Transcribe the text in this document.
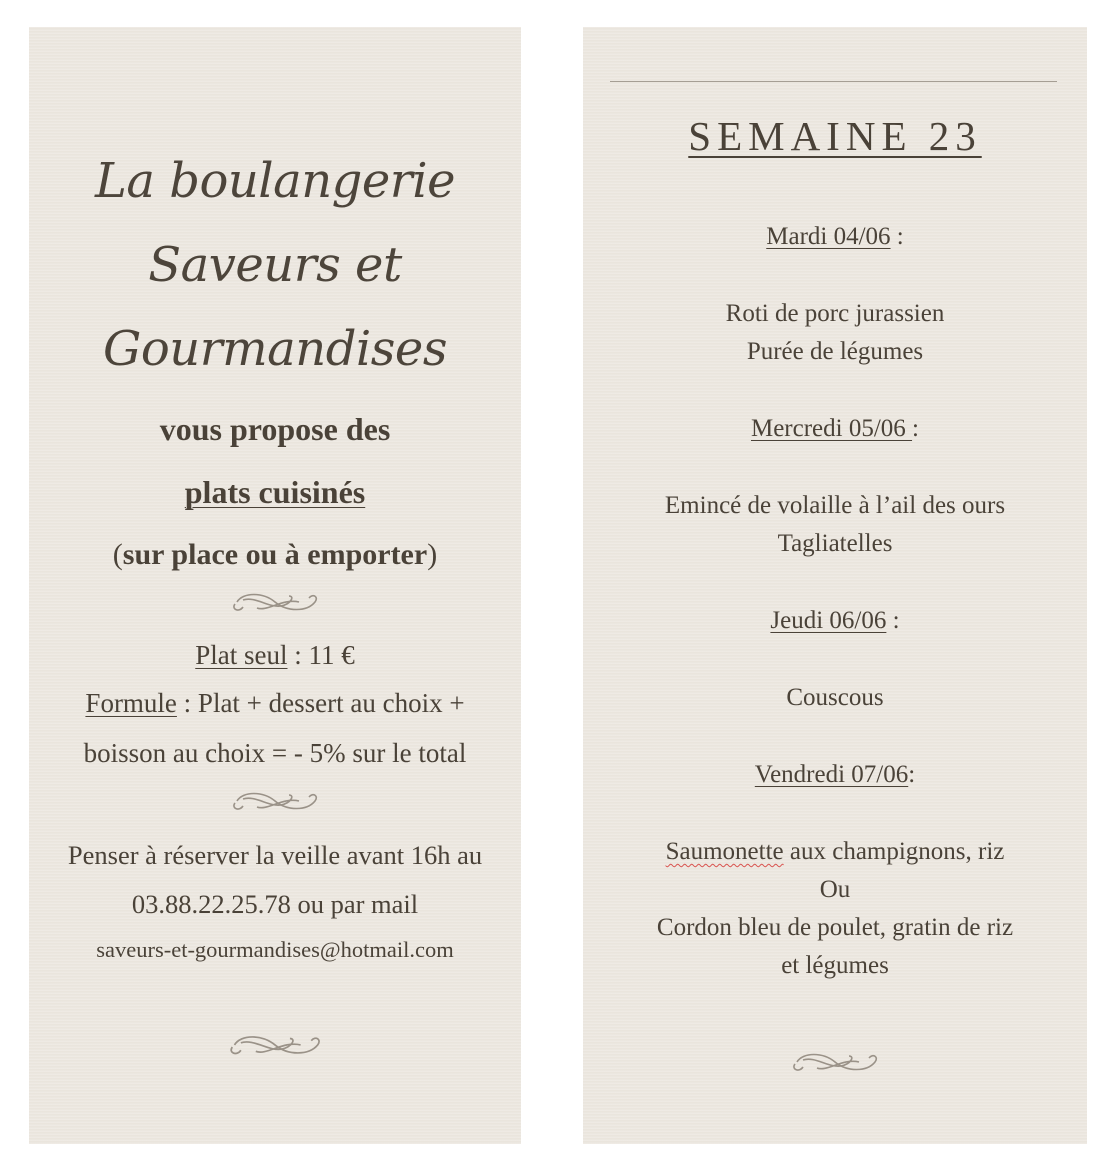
La boulangerie
Saveurs et
Gourmandises
vous propose des
plats cuisinés
(sur place ou à emporter)
Plat seul : 11 €
Formule : Plat + dessert au choix +
boisson au choix = - 5% sur le total
Penser à réserver la veille avant 16h au
03.88.22.25.78 ou par mail
saveurs-et-gourmandises@hotmail.com
SEMAINE 23
Mardi 04/06 :
Roti de porc jurassien
Purée de légumes
Mercredi 05/06 :
Emincé de volaille à l’ail des ours
Tagliatelles
Jeudi 06/06 :
Couscous
Vendredi 07/06:
Saumonette aux champignons, riz
Ou
Cordon bleu de poulet, gratin de riz
et légumes
